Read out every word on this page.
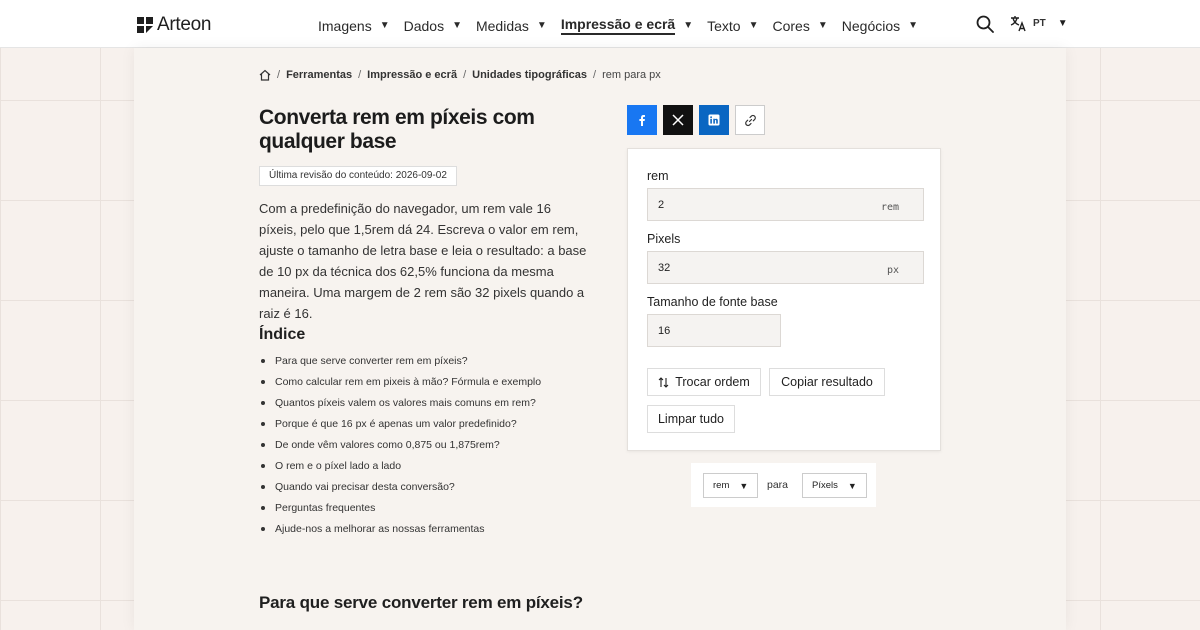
Arteon	Imagens ▼ Dados ▼ Medidas ▼ Impressão e ecrã ▼ Texto ▼ Cores ▼ Negócios ▼	PT ▼
/ Ferramentas / Impressão e ecrã / Unidades tipográficas / rem para px
Converta rem em píxeis com qualquer base
Última revisão do conteúdo: 2026-09-02

Com a predefinição do navegador, um rem vale 16 píxeis, pelo que 1,5rem dá 24. Escreva o valor em rem, ajuste o tamanho de letra base e leia o resultado: a base de 10 px da técnica dos 62,5% funciona da mesma maneira. Uma margem de 2 rem são 32 pixels quando a raiz é 16.

Índice
Para que serve converter rem em píxeis?
Como calcular rem em pixeis à mão? Fórmula e exemplo
Quantos píxeis valem os valores mais comuns em rem?
Porque é que 16 px é apenas um valor predefinido?
De onde vêm valores como 0,875 ou 1,875rem?
O rem e o píxel lado a lado
Quando vai precisar desta conversão?
Perguntas frequentes
Ajude-nos a melhorar as nossas ferramentas
Para que serve converter rem em píxeis?
rem
2	rem
Pixels
32	px
Tamanho de fonte base
16
Trocar ordem	Copiar resultado
Limpar tudo
rem ▼ para	Píxels ▼
